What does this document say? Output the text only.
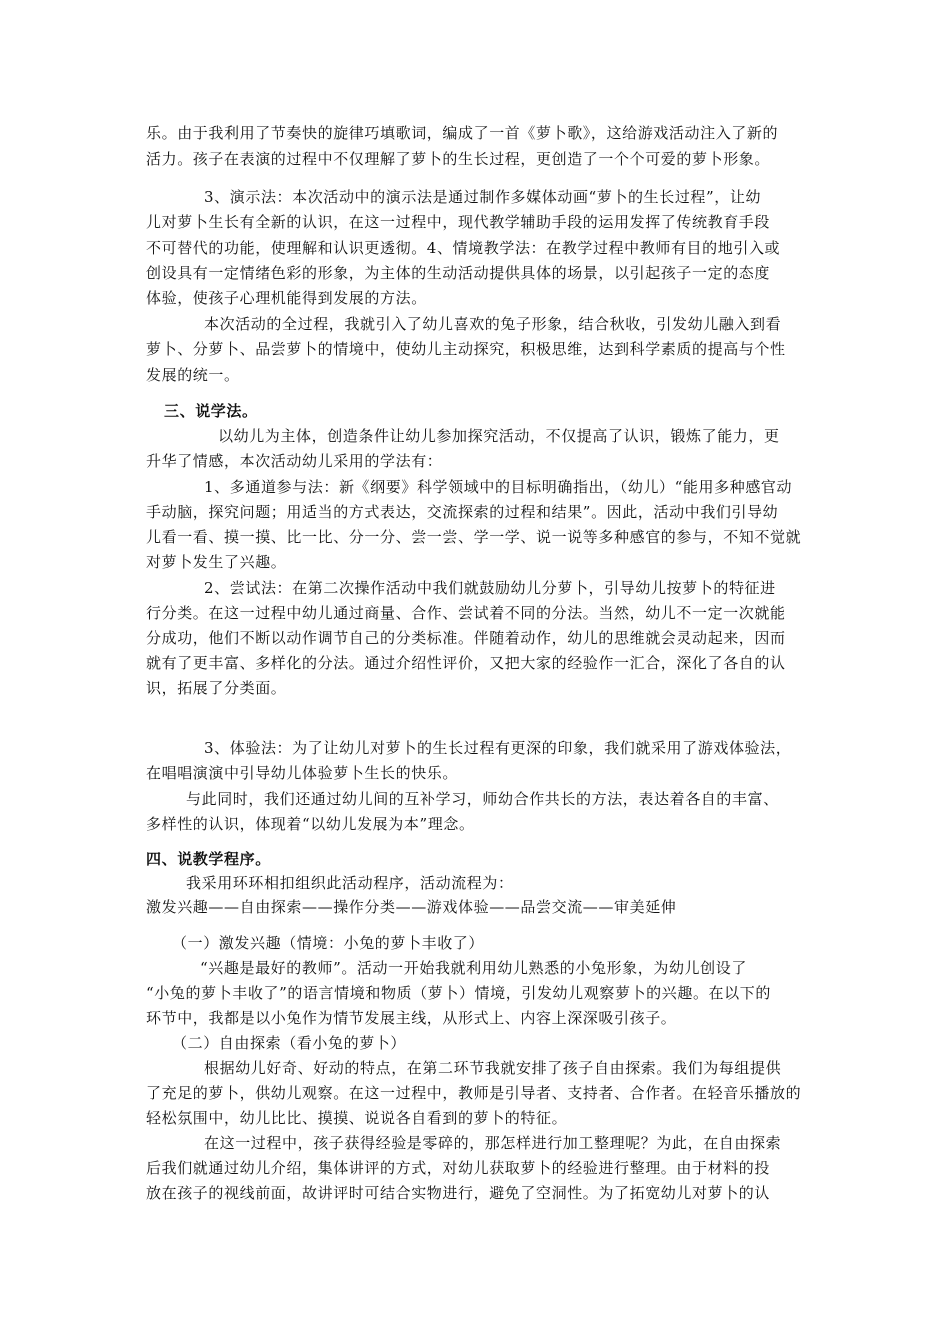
乐。由于我利用了节奏快的旋律巧填歌词，编成了一首《萝卜歌》，这给游戏活动注入了新的
活力。孩子在表演的过程中不仅理解了萝卜的生长过程，更创造了一个个可爱的萝卜形象。
3、演示法：本次活动中的演示法是通过制作多媒体动画“萝卜的生长过程”，让幼
儿对萝卜生长有全新的认识，在这一过程中，现代教学辅助手段的运用发挥了传统教育手段
不可替代的功能，使理解和认识更透彻。4、情境教学法：在教学过程中教师有目的地引入或
创设具有一定情绪色彩的形象，为主体的生动活动提供具体的场景，以引起孩子一定的态度
体验，使孩子心理机能得到发展的方法。
本次活动的全过程，我就引入了幼儿喜欢的兔子形象，结合秋收，引发幼儿融入到看
萝卜、分萝卜、品尝萝卜的情境中，使幼儿主动探究，积极思维，达到科学素质的提高与个性
发展的统一。
三、说学法。
以幼儿为主体，创造条件让幼儿参加探究活动，不仅提高了认识，锻炼了能力，更
升华了情感，本次活动幼儿采用的学法有：
1、多通道参与法：新《纲要》科学领域中的目标明确指出，（幼儿）“能用多种感官动
手动脑，探究问题；用适当的方式表达，交流探索的过程和结果”。因此，活动中我们引导幼
儿看一看、摸一摸、比一比、分一分、尝一尝、学一学、说一说等多种感官的参与，不知不觉就
对萝卜发生了兴趣。
2、尝试法：在第二次操作活动中我们就鼓励幼儿分萝卜，引导幼儿按萝卜的特征进
行分类。在这一过程中幼儿通过商量、合作、尝试着不同的分法。当然，幼儿不一定一次就能
分成功，他们不断以动作调节自己的分类标准。伴随着动作，幼儿的思维就会灵动起来，因而
就有了更丰富、多样化的分法。通过介绍性评价，又把大家的经验作一汇合，深化了各自的认
识，拓展了分类面。
3、体验法：为了让幼儿对萝卜的生长过程有更深的印象，我们就采用了游戏体验法，
在唱唱演演中引导幼儿体验萝卜生长的快乐。
与此同时，我们还通过幼儿间的互补学习，师幼合作共长的方法，表达着各自的丰富、
多样性的认识，体现着“以幼儿发展为本”理念。
四、说教学程序。
我采用环环相扣组织此活动程序，活动流程为：
激发兴趣——自由探索——操作分类——游戏体验——品尝交流——审美延伸
（一）激发兴趣（情境：小兔的萝卜丰收了）
“兴趣是最好的教师”。活动一开始我就利用幼儿熟悉的小兔形象，为幼儿创设了
“小兔的萝卜丰收了”的语言情境和物质（萝卜）情境，引发幼儿观察萝卜的兴趣。在以下的
环节中，我都是以小兔作为情节发展主线，从形式上、内容上深深吸引孩子。
（二）自由探索（看小兔的萝卜）
根据幼儿好奇、好动的特点，在第二环节我就安排了孩子自由探索。我们为每组提供
了充足的萝卜，供幼儿观察。在这一过程中，教师是引导者、支持者、合作者。在轻音乐播放的
轻松氛围中，幼儿比比、摸摸、说说各自看到的萝卜的特征。
在这一过程中，孩子获得经验是零碎的，那怎样进行加工整理呢？为此，在自由探索
后我们就通过幼儿介绍，集体讲评的方式，对幼儿获取萝卜的经验进行整理。由于材料的投
放在孩子的视线前面，故讲评时可结合实物进行，避免了空洞性。为了拓宽幼儿对萝卜的认
